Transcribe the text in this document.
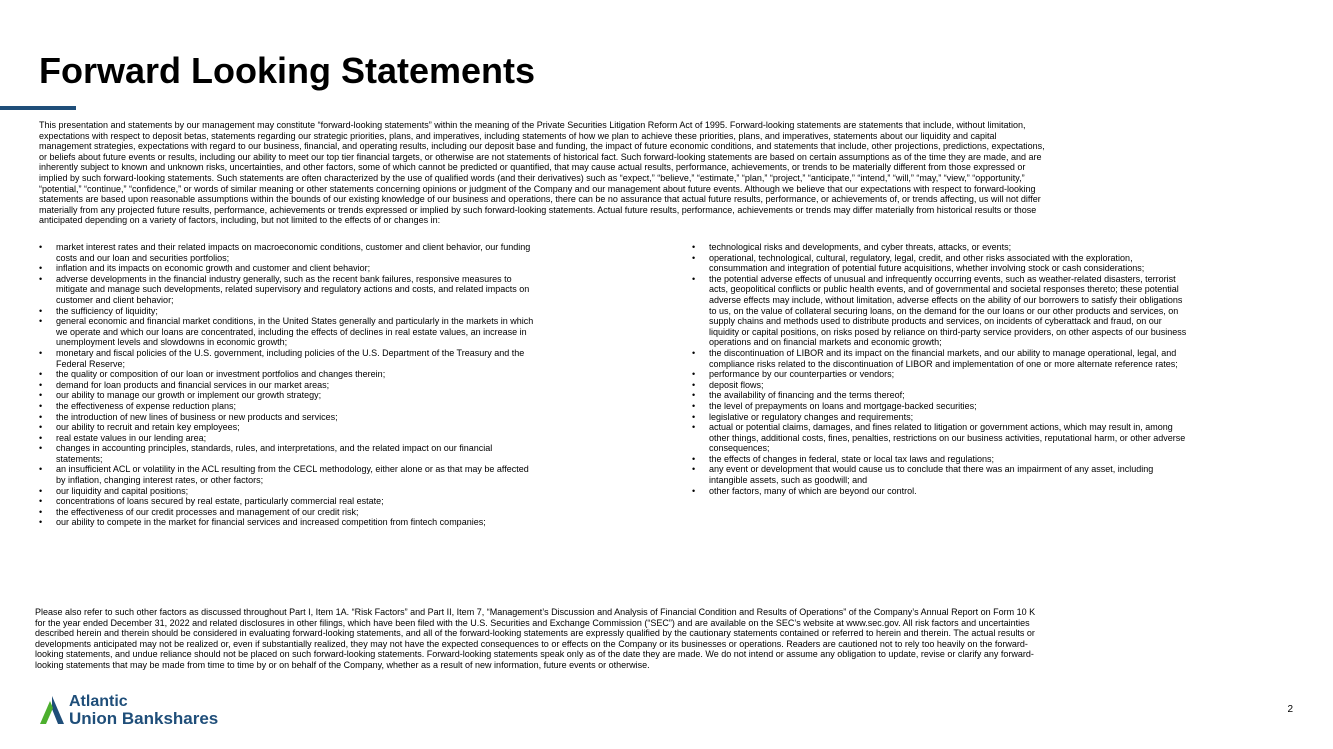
Forward Looking Statements

This presentation and statements by our management may constitute “forward-looking statements” within the meaning of the Private Securities Litigation Reform Act of 1995. Forward-looking statements are statements that include, without limitation,
expectations with respect to deposit betas, statements regarding our strategic priorities, plans, and imperatives, including statements of how we plan to achieve these priorities, plans, and imperatives, statements about our liquidity and capital
management strategies, expectations with regard to our business, financial, and operating results, including our deposit base and funding, the impact of future economic conditions, and statements that include, other projections, predictions, expectations,
or beliefs about future events or results, including our ability to meet our top tier financial targets, or otherwise are not statements of historical fact. Such forward-looking statements are based on certain assumptions as of the time they are made, and are
inherently subject to known and unknown risks, uncertainties, and other factors, some of which cannot be predicted or quantified, that may cause actual results, performance, achievements, or trends to be materially different from those expressed or
implied by such forward-looking statements. Such statements are often characterized by the use of qualified words (and their derivatives) such as “expect,” “believe,” “estimate,” “plan,” “project,” “anticipate,” “intend,” “will,” “may,” “view,” “opportunity,”
“potential,” “continue,” “confidence,” or words of similar meaning or other statements concerning opinions or judgment of the Company and our management about future events. Although we believe that our expectations with respect to forward-looking
statements are based upon reasonable assumptions within the bounds of our existing knowledge of our business and operations, there can be no assurance that actual future results, performance, or achievements of, or trends affecting, us will not differ
materially from any projected future results, performance, achievements or trends expressed or implied by such forward-looking statements. Actual future results, performance, achievements or trends may differ materially from historical results or those
anticipated depending on a variety of factors, including, but not limited to the effects of or changes in:

•	market interest rates and their related impacts on macroeconomic conditions, customer and client behavior, our funding
costs and our loan and securities portfolios;
•	inflation and its impacts on economic growth and customer and client behavior;
•	adverse developments in the financial industry generally, such as the recent bank failures, responsive measures to
mitigate and manage such developments, related supervisory and regulatory actions and costs, and related impacts on
customer and client behavior;
•	the sufficiency of liquidity;
•	general economic and financial market conditions, in the United States generally and particularly in the markets in which
we operate and which our loans are concentrated, including the effects of declines in real estate values, an increase in
unemployment levels and slowdowns in economic growth;
•	monetary and fiscal policies of the U.S. government, including policies of the U.S. Department of the Treasury and the
Federal Reserve;
•	the quality or composition of our loan or investment portfolios and changes therein;
•	demand for loan products and financial services in our market areas;
•	our ability to manage our growth or implement our growth strategy;
•	the effectiveness of expense reduction plans;
•	the introduction of new lines of business or new products and services;
•	our ability to recruit and retain key employees;
•	real estate values in our lending area;
•	changes in accounting principles, standards, rules, and interpretations, and the related impact on our financial
statements;
•	an insufficient ACL or volatility in the ACL resulting from the CECL methodology, either alone or as that may be affected
by inflation, changing interest rates, or other factors;
•	our liquidity and capital positions;
•	concentrations of loans secured by real estate, particularly commercial real estate;
•	the effectiveness of our credit processes and management of our credit risk;
•	our ability to compete in the market for financial services and increased competition from fintech companies;
•	technological risks and developments, and cyber threats, attacks, or events;
•	operational, technological, cultural, regulatory, legal, credit, and other risks associated with the exploration,
consummation and integration of potential future acquisitions, whether involving stock or cash considerations;
•	the potential adverse effects of unusual and infrequently occurring events, such as weather-related disasters, terrorist
acts, geopolitical conflicts or public health events, and of governmental and societal responses thereto; these potential
adverse effects may include, without limitation, adverse effects on the ability of our borrowers to satisfy their obligations
to us, on the value of collateral securing loans, on the demand for the our loans or our other products and services, on
supply chains and methods used to distribute products and services, on incidents of cyberattack and fraud, on our
liquidity or capital positions, on risks posed by reliance on third-party service providers, on other aspects of our business
operations and on financial markets and economic growth;
•	the discontinuation of LIBOR and its impact on the financial markets, and our ability to manage operational, legal, and
compliance risks related to the discontinuation of LIBOR and implementation of one or more alternate reference rates;
•	performance by our counterparties or vendors;
•	deposit flows;
•	the availability of financing and the terms thereof;
•	the level of prepayments on loans and mortgage-backed securities;
•	legislative or regulatory changes and requirements;
•	actual or potential claims, damages, and fines related to litigation or government actions, which may result in, among
other things, additional costs, fines, penalties, restrictions on our business activities, reputational harm, or other adverse
consequences;
•	the effects of changes in federal, state or local tax laws and regulations;
•	any event or development that would cause us to conclude that there was an impairment of any asset, including
intangible assets, such as goodwill; and
•	other factors, many of which are beyond our control.

Please also refer to such other factors as discussed throughout Part I, Item 1A. “Risk Factors” and Part II, Item 7, “Management’s Discussion and Analysis of Financial Condition and Results of Operations” of the Company’s Annual Report on Form 10 K
for the year ended December 31, 2022 and related disclosures in other filings, which have been filed with the U.S. Securities and Exchange Commission (“SEC”) and are available on the SEC’s website at www.sec.gov. All risk factors and uncertainties
described herein and therein should be considered in evaluating forward-looking statements, and all of the forward-looking statements are expressly qualified by the cautionary statements contained or referred to herein and therein. The actual results or
developments anticipated may not be realized or, even if substantially realized, they may not have the expected consequences to or effects on the Company or its businesses or operations. Readers are cautioned not to rely too heavily on the forward-
looking statements, and undue reliance should not be placed on such forward-looking statements. Forward-looking statements speak only as of the date they are made. We do not intend or assume any obligation to update, revise or clarify any forward-
looking statements that may be made from time to time by or on behalf of the Company, whether as a result of new information, future events or otherwise.

Atlantic
Union Bankshares	2
